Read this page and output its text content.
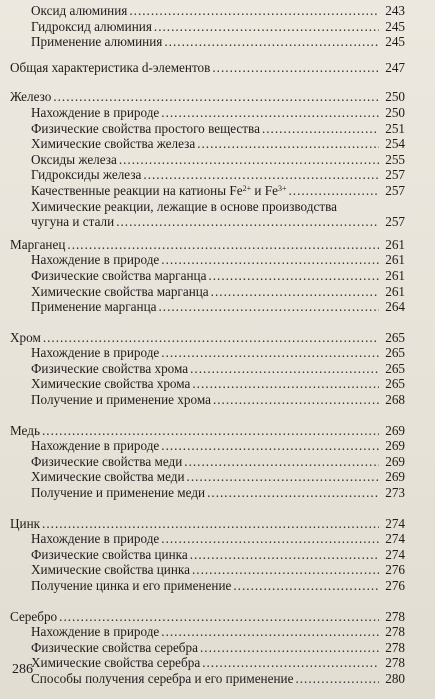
Оксид алюминия .....	243
Гидроксид алюминия .....	245
Применение алюминия .....	245
Общая характеристика d-элементов .....	247
Железо .....	250
Нахождение в природе .....	250
Физические свойства простого вещества .....	251
Химические свойства железа .....	254
Оксиды железа .....	255
Гидроксиды железа .....	257
Качественные реакции на катионы $Fe^{2+}$ и $Fe^{3+}$ .....	257
Химические реакции, лежащие в основе производства
чугуна и стали .....	257
Марганец .....	261
Нахождение в природе .....	261
Физические свойства марганца .....	261
Химические свойства марганца .....	261
Применение марганца .....	264
Хром .....	265
Нахождение в природе .....	265
Физические свойства хрома .....	265
Химические свойства хрома .....	265
Получение и применение хрома .....	268
Медь .....	269
Нахождение в природе .....	269
Физические свойства меди .....	269
Химические свойства меди .....	269
Получение и применение меди .....	273
Цинк .....	274
Нахождение в природе .....	274
Физические свойства цинка .....	274
Химические свойства цинка .....	276
Получение цинка и его применение .....	276
Серебро .....	278
Нахождение в природе .....	278
Физические свойства серебра .....	278
Химические свойства серебра .....	278
Способы получения серебра и его применение .....	280
286
